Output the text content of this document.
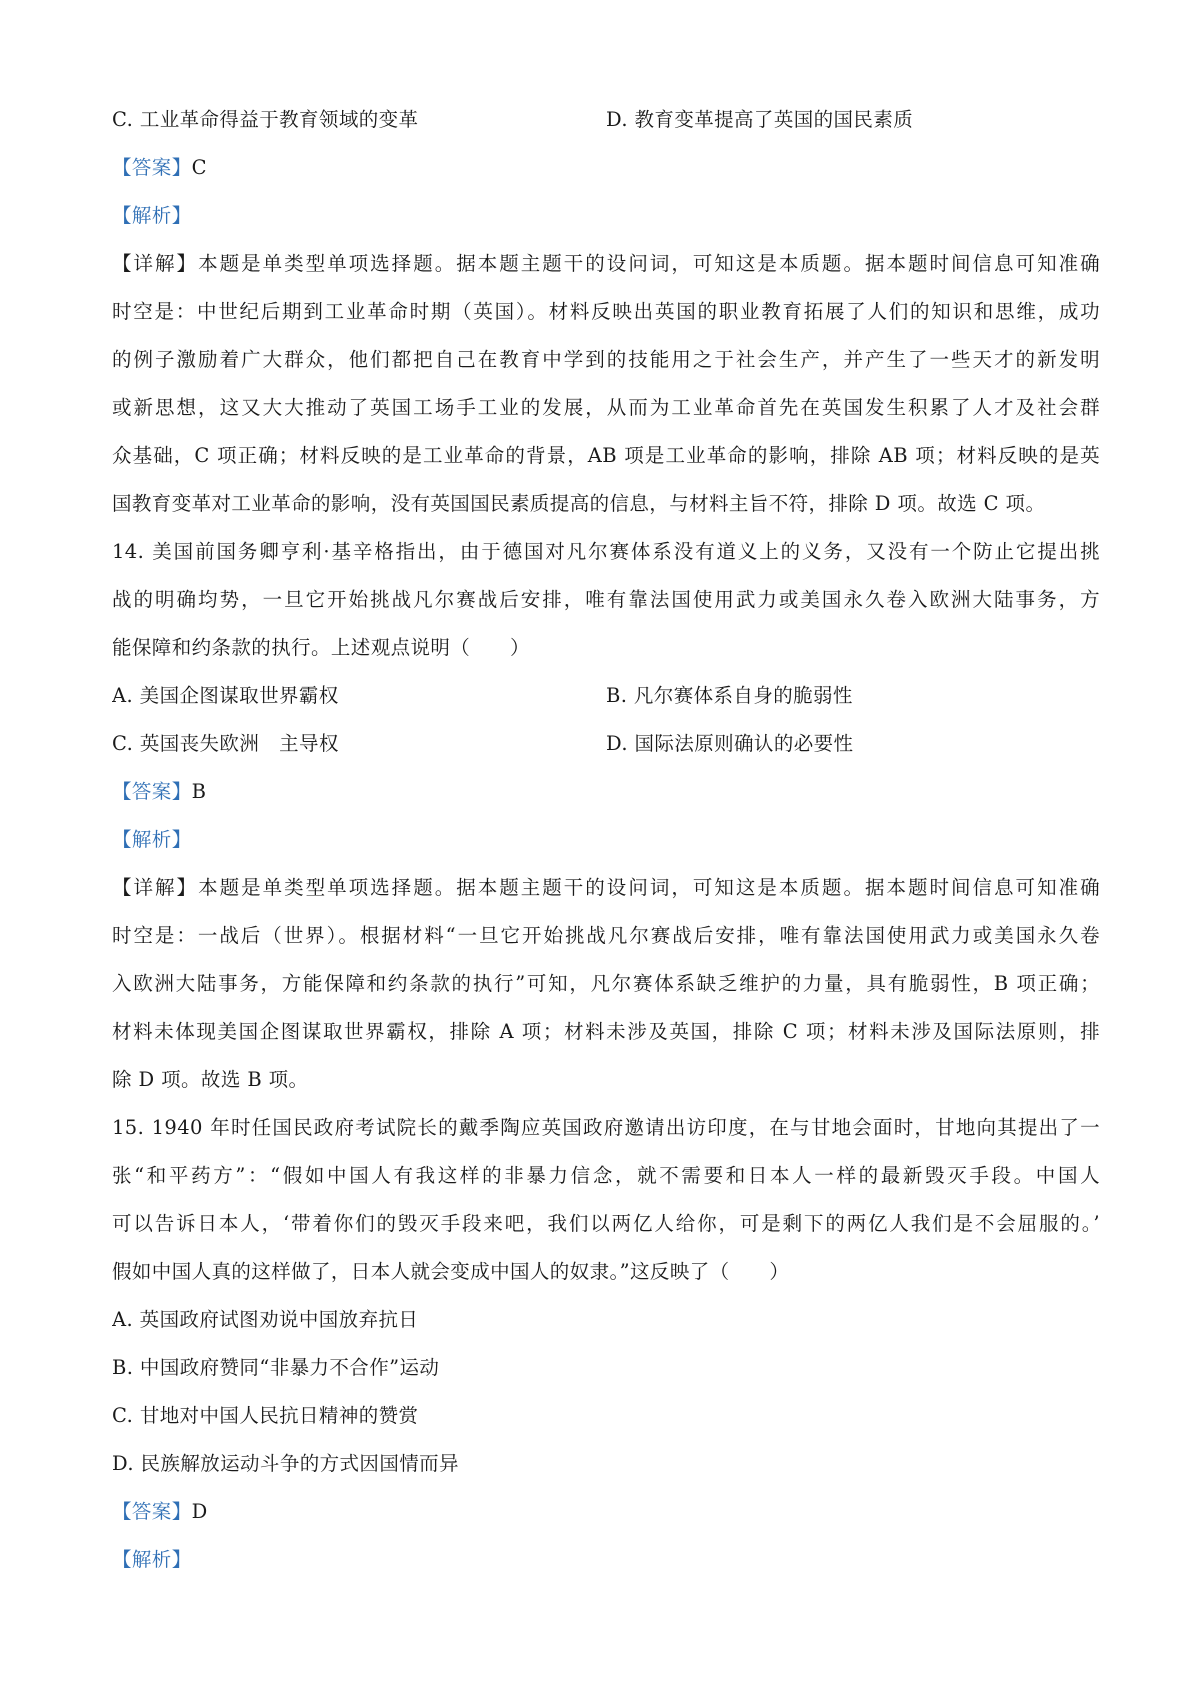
C. 工业革命得益于教育领域的变革	D. 教育变革提高了英国的国民素质
【答案】C
【解析】
【详解】本题是单类型单项选择题。据本题主题干的设问词，可知这是本质题。据本题时间信息可知准确
时空是：中世纪后期到工业革命时期（英国）。材料反映出英国的职业教育拓展了人们的知识和思维，成功
的例子激励着广大群众，他们都把自己在教育中学到的技能用之于社会生产，并产生了一些天才的新发明
或新思想，这又大大推动了英国工场手工业的发展，从而为工业革命首先在英国发生积累了人才及社会群
众基础，C 项正确；材料反映的是工业革命的背景，AB 项是工业革命的影响，排除 AB 项；材料反映的是英
国教育变革对工业革命的影响，没有英国国民素质提高的信息，与材料主旨不符，排除 D 项。故选 C 项。
14. 美国前国务卿亨利·基辛格指出，由于德国对凡尔赛体系没有道义上的义务，又没有一个防止它提出挑
战的明确均势，一旦它开始挑战凡尔赛战后安排，唯有靠法国使用武力或美国永久卷入欧洲大陆事务，方
能保障和约条款的执行。上述观点说明（　　）
A. 美国企图谋取世界霸权	B. 凡尔赛体系自身的脆弱性
C. 英国丧失欧洲　主导权	D. 国际法原则确认的必要性
【答案】B
【解析】
【详解】本题是单类型单项选择题。据本题主题干的设问词，可知这是本质题。据本题时间信息可知准确
时空是：一战后（世界）。根据材料“一旦它开始挑战凡尔赛战后安排，唯有靠法国使用武力或美国永久卷
入欧洲大陆事务，方能保障和约条款的执行”可知，凡尔赛体系缺乏维护的力量，具有脆弱性，B 项正确；
材料未体现美国企图谋取世界霸权，排除 A 项；材料未涉及英国，排除 C 项；材料未涉及国际法原则，排
除 D 项。故选 B 项。
15. 1940 年时任国民政府考试院长的戴季陶应英国政府邀请出访印度，在与甘地会面时，甘地向其提出了一
张“和平药方”：“假如中国人有我这样的非暴力信念，就不需要和日本人一样的最新毁灭手段。中国人
可以告诉日本人，‘带着你们的毁灭手段来吧，我们以两亿人给你，可是剩下的两亿人我们是不会屈服的。’
假如中国人真的这样做了，日本人就会变成中国人的奴隶。”这反映了（　　）
A. 英国政府试图劝说中国放弃抗日
B. 中国政府赞同“非暴力不合作”运动
C. 甘地对中国人民抗日精神的赞赏
D. 民族解放运动斗争的方式因国情而异
【答案】D
【解析】
